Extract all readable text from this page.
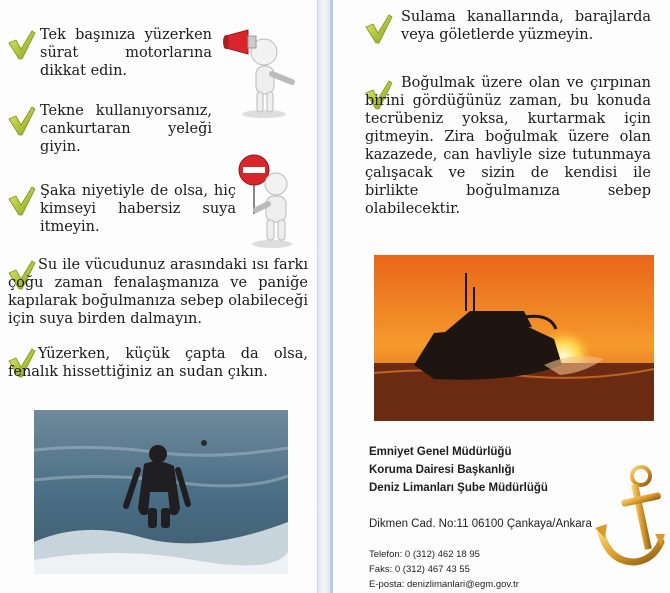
Tek başınıza yüzerken sürat motorlarına dikkat edin.
Tekne kullanıyorsanız, cankurtaran yeleği giyin.
Şaka niyetiyle de olsa, hiç kimseyi habersiz suya itmeyin.
Su ile vücudunuz arasındaki ısı farkı çoğu zaman fenalaşmanıza ve paniğe kapılarak boğulmanıza sebep olabileceği için suya birden dalmayın.
Yüzerken, küçük çapta da olsa, fenalık hissettiğiniz an sudan çıkın.
Sulama kanallarında, barajlarda veya göletlerde yüzmeyin.
Boğulmak üzere olan ve çırpınan birini gördüğünüz zaman, bu konuda tecrübeniz yoksa, kurtarmak için gitmeyin. Zira boğulmak üzere olan kazazede, can havliyle size tutunmaya çalışacak ve sizin de kendisi ile birlikte boğulmanıza sebep olabilecektir.
Emniyet Genel Müdürlüğü
Koruma Dairesi Başkanlığı
Deniz Limanları Şube Müdürlüğü
Dikmen Cad. No:11 06100 Çankaya/Ankara
Telefon: 0 (312) 462 18 95
Faks: 0 (312) 467 43 55
E-posta: denizlimanlari@egm.gov.tr
